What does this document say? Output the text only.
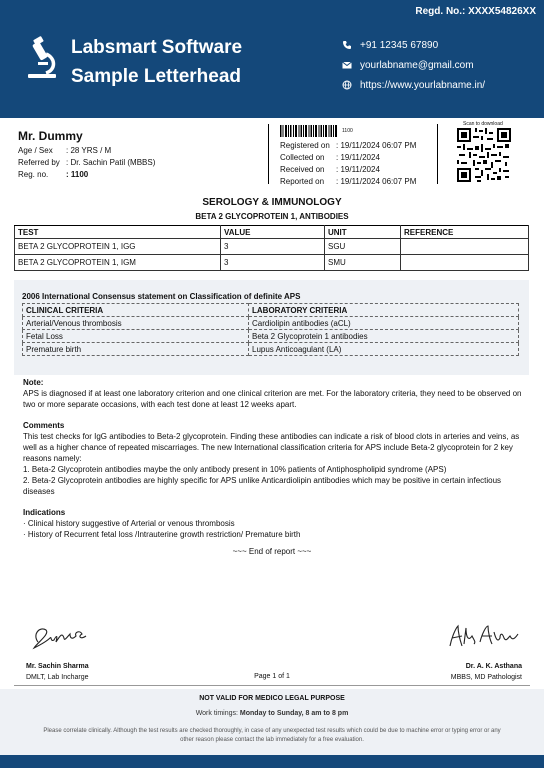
Regd. No.: XXXX54826XX
Labsmart Software
Sample Letterhead
+91 12345 67890
yourlabname@gmail.com
https://www.yourlabname.in/
Mr. Dummy
Age / Sex	: 28 YRS / M
Referred by : Dr. Sachin Patil (MBBS)
Reg. no.	: 1100
1100
Registered on : 19/11/2024 06:07 PM
Collected on : 19/11/2024
Received on : 19/11/2024
Reported on : 19/11/2024 06:07 PM
Scan to download
SEROLOGY & IMMUNOLOGY
BETA 2 GLYCOPROTEIN 1, ANTIBODIES
TEST	VALUE	UNIT	REFERENCE
BETA 2 GLYCOPROTEIN 1, IGG	3	SGU	
BETA 2 GLYCOPROTEIN 1, IGM	3	SMU	
2006 International Consensus statement on Classification of definite APS
CLINICAL CRITERIA	LABORATORY CRITERIA
Arterial/Venous thrombosis	Cardiolipin antibodies (aCL)
Fetal Loss	Beta 2 Glycoprotein 1 antibodies
Premature birth	Lupus Anticoagulant (LA)
Note:

APS is diagnosed if at least one laboratory criterion and one clinical criterion are met. For the laboratory criteria, they need to be observed on two or more separate occasions, with each test done at least 12 weeks apart.

Comments

This test checks for IgG antibodies to Beta-2 glycoprotein. Finding these antibodies can indicate a risk of blood clots in arteries and veins, as well as a higher chance of repeated miscarriages. The new International classification criteria for APS include Beta-2 glycoprotein for 2 key reasons namely:

1. Beta-2 Glycoprotein antibodies maybe the only antibody present in 10% patients of Antiphospholipid syndrome (APS)

2. Beta-2 Glycoprotein antibodies are highly specific for APS unlike Anticardiolipin antibodies which may be positive in certain infectious diseases

Indications

· Clinical history suggestive of Arterial or venous thrombosis

· History of Recurrent fetal loss /Intrauterine growth restriction/ Premature birth

~~~ End of report ~~~
Mr. Sachin Sharma
DMLT, Lab Incharge
Dr. A. K. Asthana
MBBS, MD Pathologist
Page 1 of 1
NOT VALID FOR MEDICO LEGAL PURPOSE
Work timings: Monday to Sunday, 8 am to 8 pm
Please correlate clinically. Although the test results are checked thoroughly, in case of any unexpected test results which could be due to machine error or typing error or any other reason please contact the lab immediately for a free evaluation.
